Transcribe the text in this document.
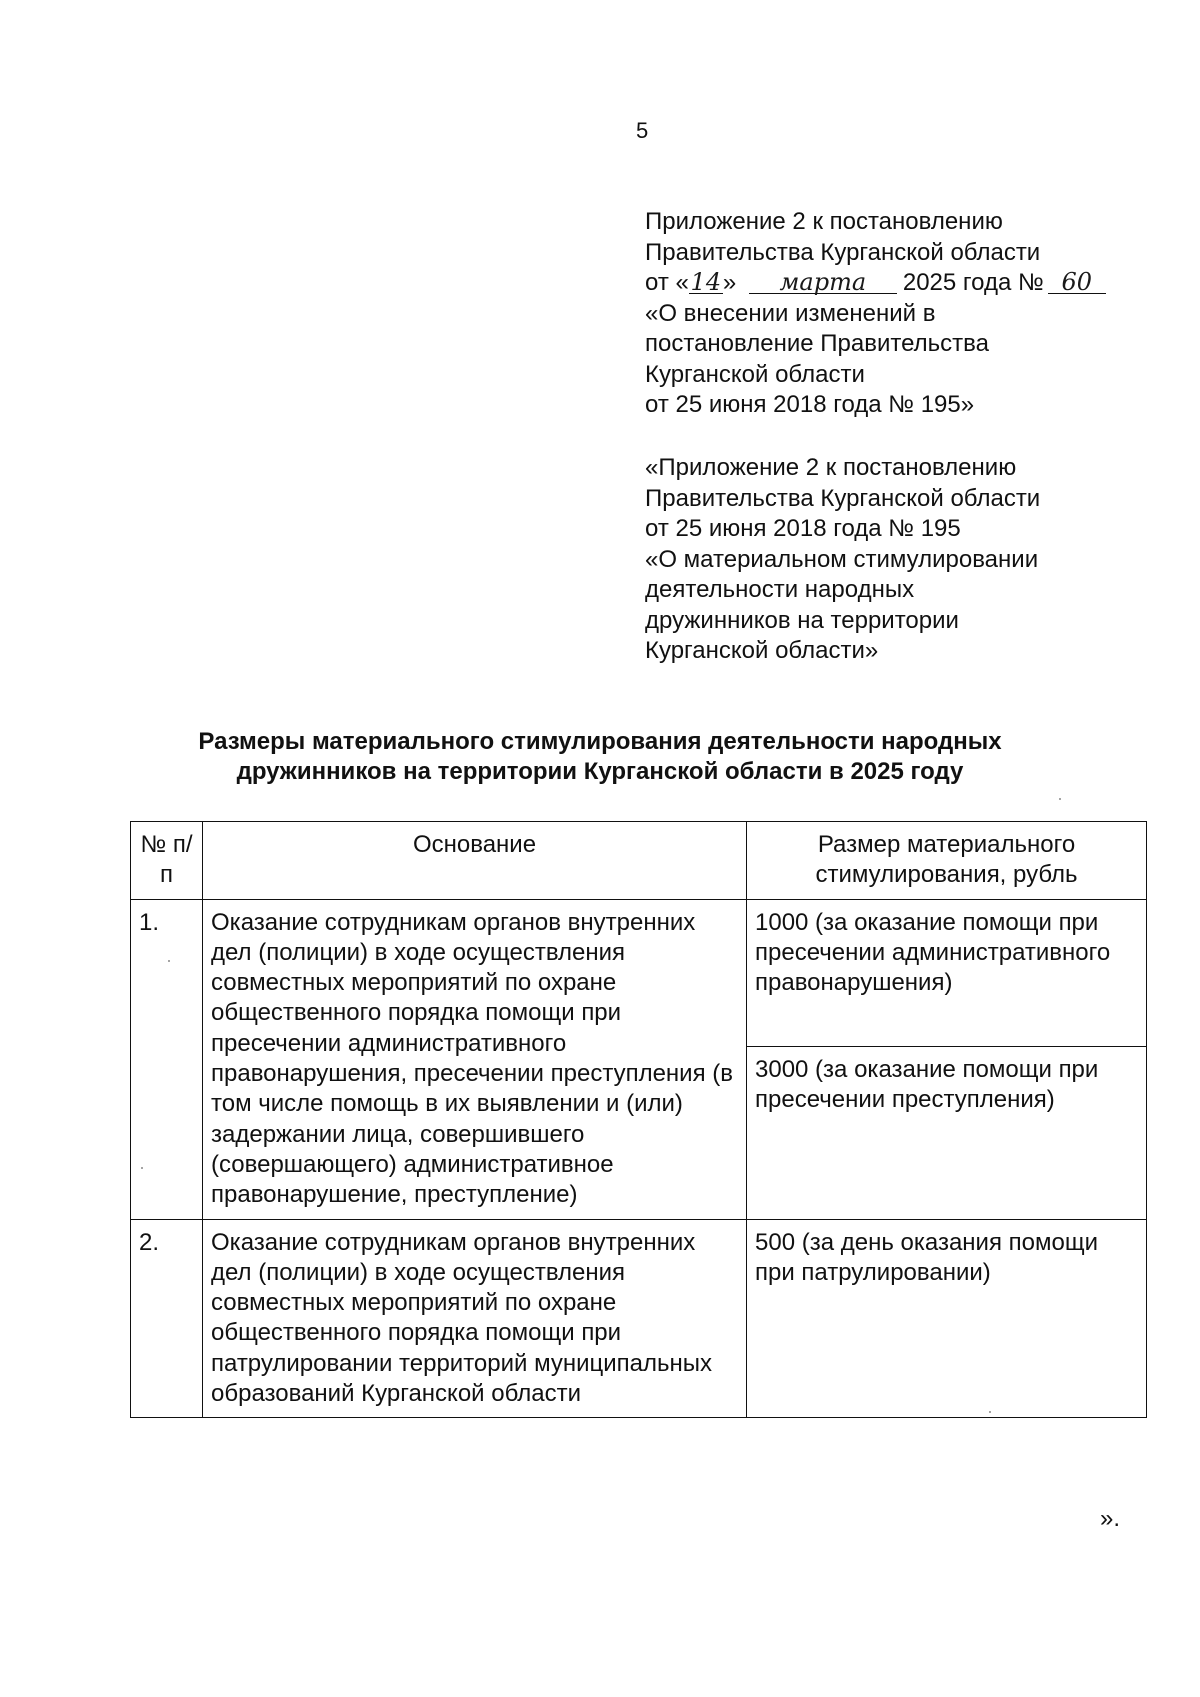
5

Приложение 2 к постановлению

Правительства Курганской области

от «14» марта 2025 года № 60

«О внесении изменений в

постановление Правительства

Курганской области

от 25 июня 2018 года № 195»

«Приложение 2 к постановлению

Правительства Курганской области

от 25 июня 2018 года № 195

«О материальном стимулировании

деятельности народных

дружинников на территории

Курганской области»

Размеры материального стимулирования деятельности народных

дружинников на территории Курганской области в 2025 году

№ п/п	Основание	Размер материального стимулирования, рубль
1.	Оказание сотрудникам органов внутренних дел (полиции) в ходе осуществления совместных мероприятий по охране общественного порядка помощи при пресечении административного правонарушения, пресечении преступления (в том числе помощь в их выявлении и (или) задержании лица, совершившего (совершающего) административное правонарушение, преступление)	1000 (за оказание помощи при пресечении административного правонарушения)
		3000 (за оказание помощи при пресечении преступления)
2.	Оказание сотрудникам органов внутренних дел (полиции) в ходе осуществления совместных мероприятий по охране общественного порядка помощи при патрулировании территорий муниципальных образований Курганской области	500 (за день оказания помощи при патрулировании)
».
